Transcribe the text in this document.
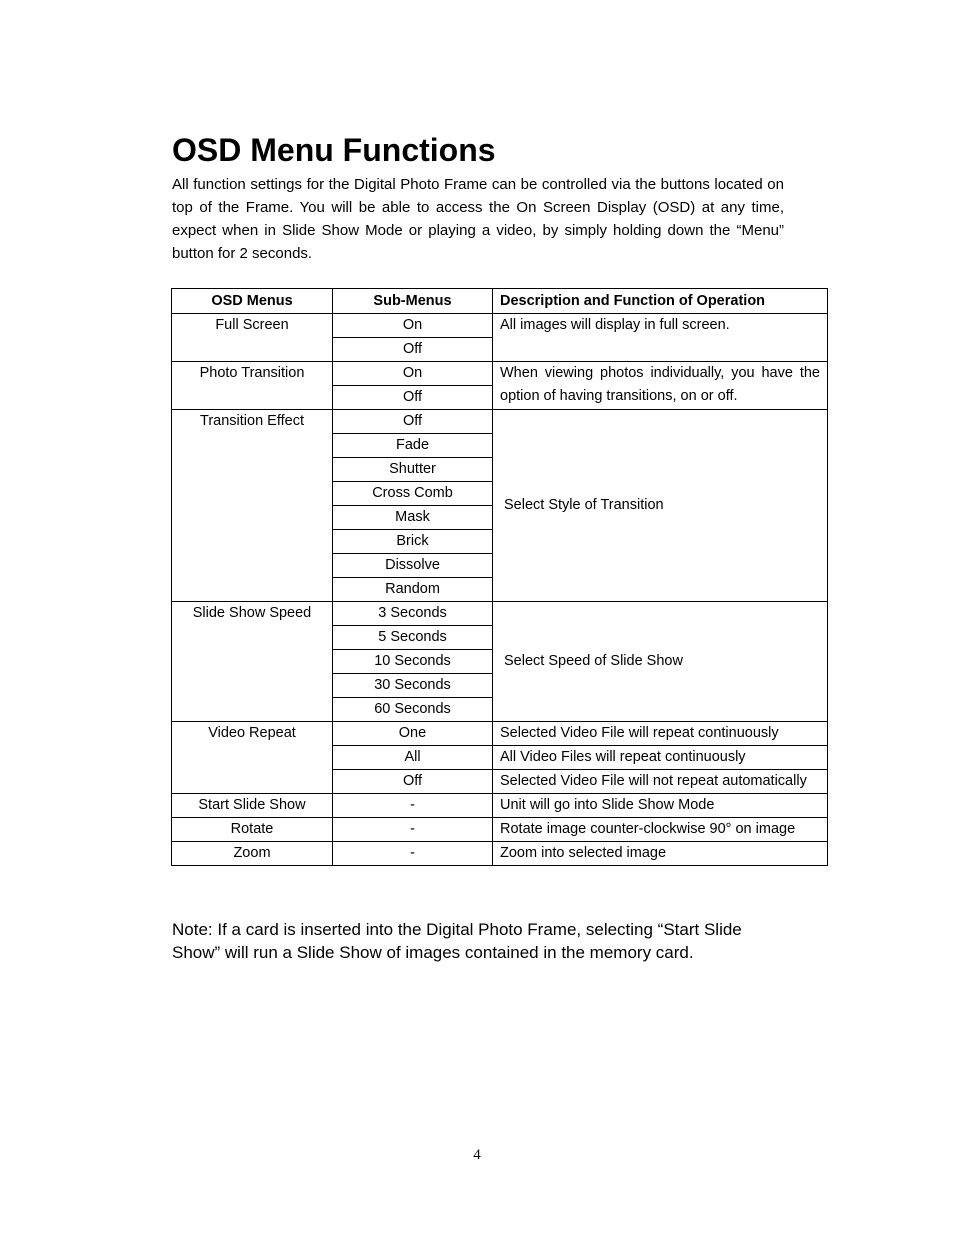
OSD Menu Functions

All function settings for the Digital Photo Frame can be controlled via the buttons located on top of the Frame. You will be able to access the On Screen Display (OSD) at any time, expect when in Slide Show Mode or playing a video, by simply holding down the “Menu” button for 2 seconds.

OSD Menus	Sub-Menus	Description and Function of Operation
Full Screen	On	All images will display in full screen.
	Off	
Photo Transition	On	When viewing photos individually, you have the option of having transitions, on or off.
	Off	
Transition Effect	Off	Select Style of Transition
	Fade	
	Shutter	
	Cross Comb	
	Mask	
	Brick	
	Dissolve	
	Random	
Slide Show Speed	3 Seconds	Select Speed of Slide Show
	5 Seconds	
	10 Seconds	
	30 Seconds	
	60 Seconds	
Video Repeat	One	Selected Video File will repeat continuously
	All	All Video Files will repeat continuously
	Off	Selected Video File will not repeat automatically
Start Slide Show	-	Unit will go into Slide Show Mode
Rotate	-	Rotate image counter-clockwise 90° on image
Zoom	-	Zoom into selected image

Note: If a card is inserted into the Digital Photo Frame, selecting “Start Slide Show” will run a Slide Show of images contained in the memory card.

4
